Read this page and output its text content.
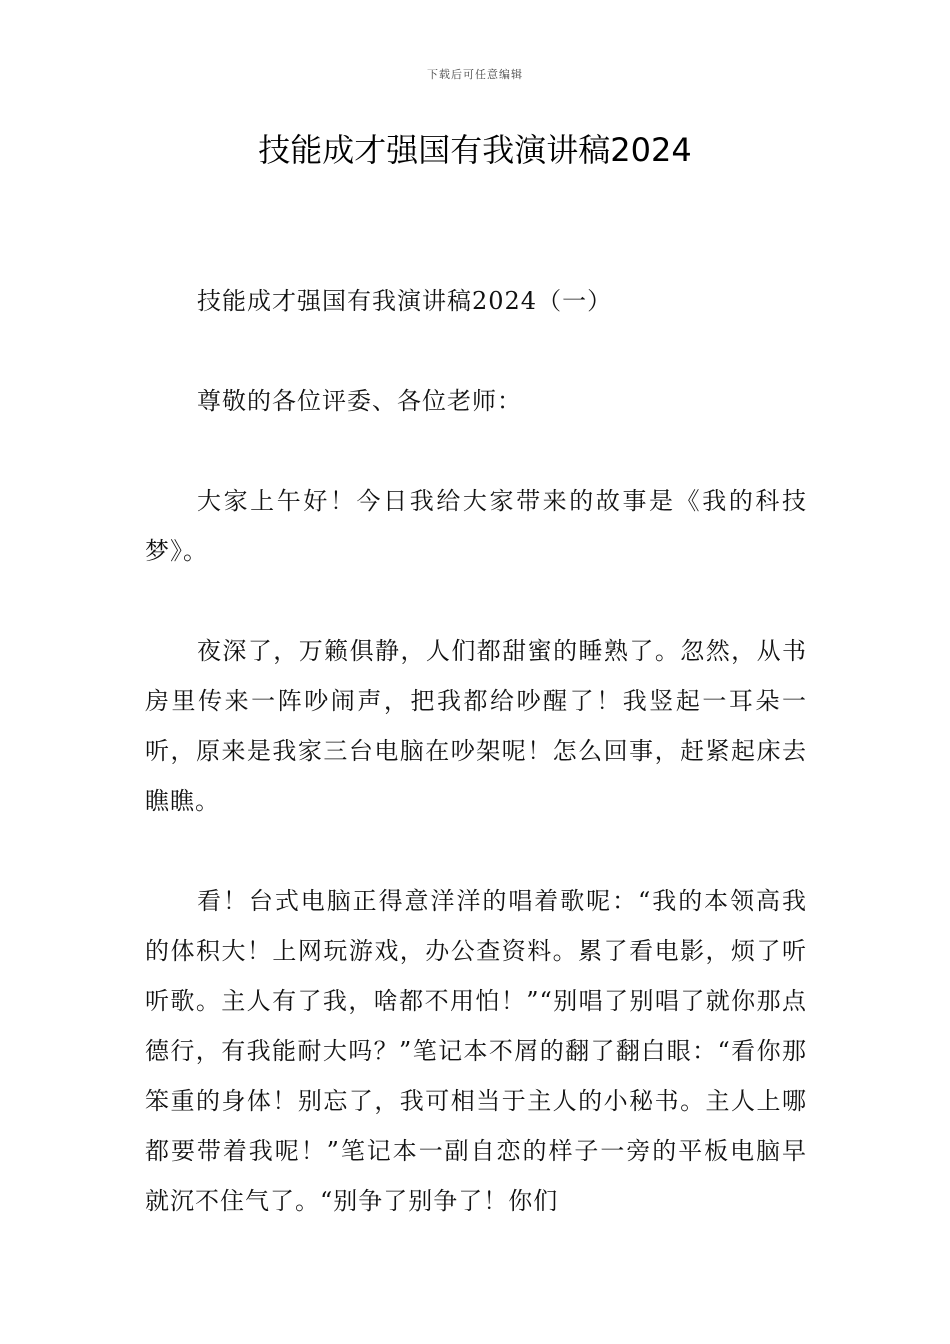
下载后可任意编辑
技能成才强国有我演讲稿2024

技能成才强国有我演讲稿2024（一）

尊敬的各位评委、各位老师：

大家上午好！今日我给大家带来的故事是《我的科技梦》。

夜深了，万籁俱静，人们都甜蜜的睡熟了。忽然，从书房里传来一阵吵闹声，把我都给吵醒了！我竖起一耳朵一听，原来是我家三台电脑在吵架呢！怎么回事，赶紧起床去瞧瞧。

看！台式电脑正得意洋洋的唱着歌呢：“我的本领高我的体积大！上网玩游戏，办公查资料。累了看电影，烦了听听歌。主人有了我，啥都不用怕！”“别唱了别唱了就你那点德行，有我能耐大吗？”笔记本不屑的翻了翻白眼：“看你那笨重的身体！别忘了，我可相当于主人的小秘书。主人上哪都要带着我呢！”笔记本一副自恋的样子一旁的平板电脑早就沉不住气了。“别争了别争了！你们
